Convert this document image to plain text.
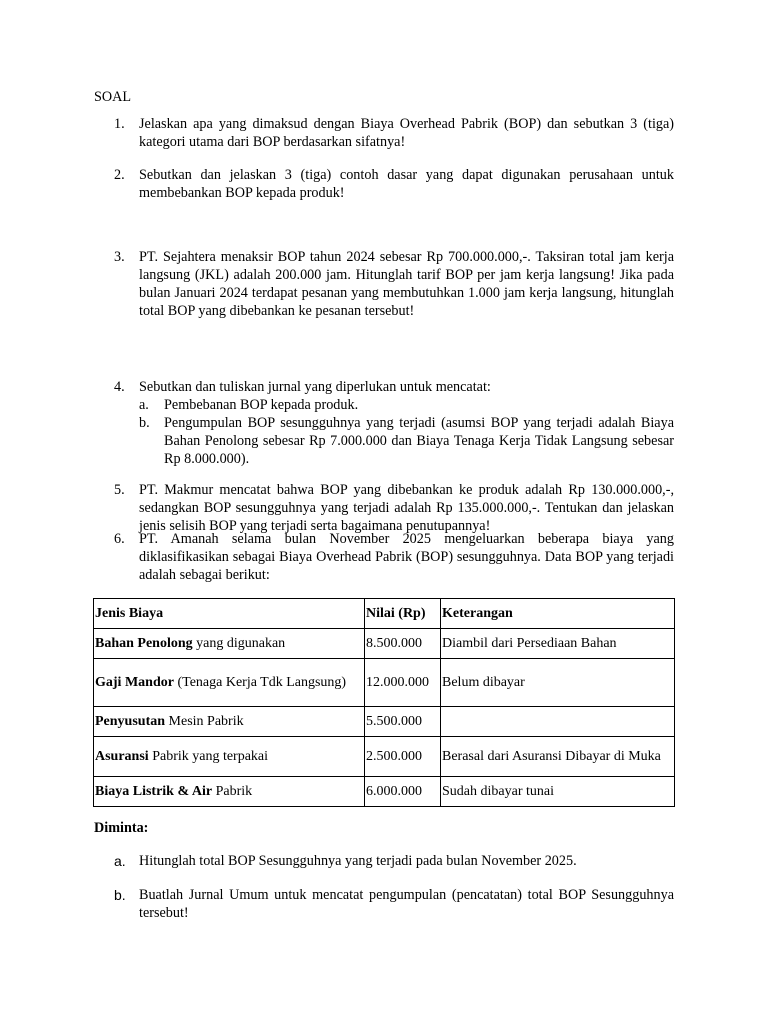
SOAL
1.	Jelaskan apa yang dimaksud dengan Biaya Overhead Pabrik (BOP) dan sebutkan 3 (tiga) kategori utama dari BOP berdasarkan sifatnya!
2.	Sebutkan dan jelaskan 3 (tiga) contoh dasar yang dapat digunakan perusahaan untuk membebankan BOP kepada produk!
3.	PT. Sejahtera menaksir BOP tahun 2024 sebesar Rp 700.000.000,-. Taksiran total jam kerja langsung (JKL) adalah 200.000 jam. Hitunglah tarif BOP per jam kerja langsung! Jika pada bulan Januari 2024 terdapat pesanan yang membutuhkan 1.000 jam kerja langsung, hitunglah total BOP yang dibebankan ke pesanan tersebut!
4.	Sebutkan dan tuliskan jurnal yang diperlukan untuk mencatat:
a. Pembebanan BOP kepada produk.
b. Pengumpulan BOP sesungguhnya yang terjadi (asumsi BOP yang terjadi adalah Biaya Bahan Penolong sebesar Rp 7.000.000 dan Biaya Tenaga Kerja Tidak Langsung sebesar Rp 8.000.000).
5.	PT. Makmur mencatat bahwa BOP yang dibebankan ke produk adalah Rp 130.000.000,-, sedangkan BOP sesungguhnya yang terjadi adalah Rp 135.000.000,-. Tentukan dan jelaskan jenis selisih BOP yang terjadi serta bagaimana penutupannya!
6.	PT. Amanah selama bulan November 2025 mengeluarkan beberapa biaya yang diklasifikasikan sebagai Biaya Overhead Pabrik (BOP) sesungguhnya. Data BOP yang terjadi adalah sebagai berikut:
Jenis Biaya	Nilai (Rp)	Keterangan
Bahan Penolong yang digunakan	8.500.000	Diambil dari Persediaan Bahan
Gaji Mandor (Tenaga Kerja Tdk Langsung)	12.000.000	Belum dibayar
Penyusutan Mesin Pabrik	5.500.000	
Asuransi Pabrik yang terpakai	2.500.000	Berasal dari Asuransi Dibayar di Muka
Biaya Listrik & Air Pabrik	6.000.000	Sudah dibayar tunai
Diminta:
a. Hitunglah total BOP Sesungguhnya yang terjadi pada bulan November 2025.
b. Buatlah Jurnal Umum untuk mencatat pengumpulan (pencatatan) total BOP Sesungguhnya tersebut!
